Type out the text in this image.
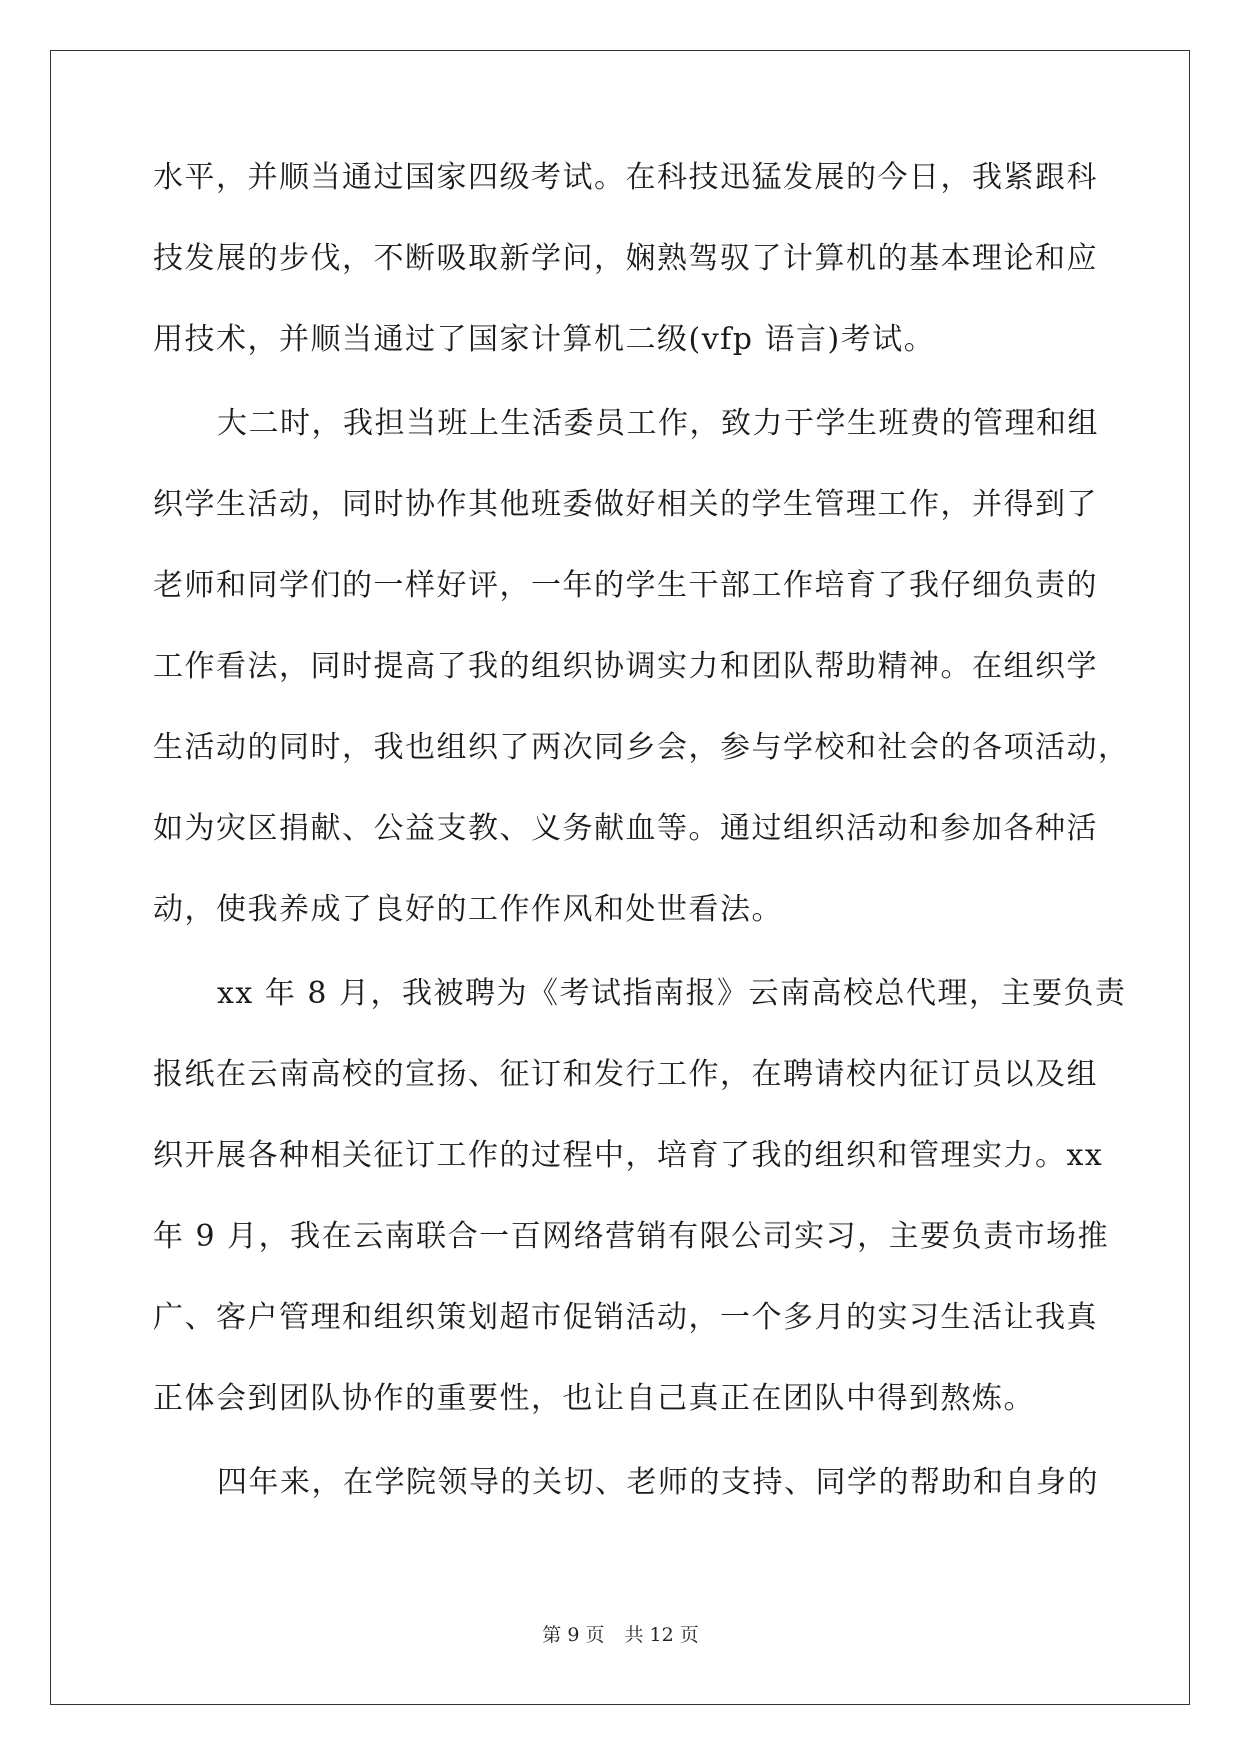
水平，并顺当通过国家四级考试。在科技迅猛发展的今日，我紧跟科
技发展的步伐，不断吸取新学问，娴熟驾驭了计算机的基本理论和应
用技术，并顺当通过了国家计算机二级(vfp 语言)考试。
大二时，我担当班上生活委员工作，致力于学生班费的管理和组
织学生活动，同时协作其他班委做好相关的学生管理工作，并得到了
老师和同学们的一样好评，一年的学生干部工作培育了我仔细负责的
工作看法，同时提高了我的组织协调实力和团队帮助精神。在组织学
生活动的同时，我也组织了两次同乡会，参与学校和社会的各项活动，
如为灾区捐献、公益支教、义务献血等。通过组织活动和参加各种活
动，使我养成了良好的工作作风和处世看法。
xx 年 8 月，我被聘为《考试指南报》云南高校总代理，主要负责
报纸在云南高校的宣扬、征订和发行工作，在聘请校内征订员以及组
织开展各种相关征订工作的过程中，培育了我的组织和管理实力。xx
年 9 月，我在云南联合一百网络营销有限公司实习，主要负责市场推
广、客户管理和组织策划超市促销活动，一个多月的实习生活让我真
正体会到团队协作的重要性，也让自己真正在团队中得到熬炼。
四年来，在学院领导的关切、老师的支持、同学的帮助和自身的
第 9 页 共 12 页
